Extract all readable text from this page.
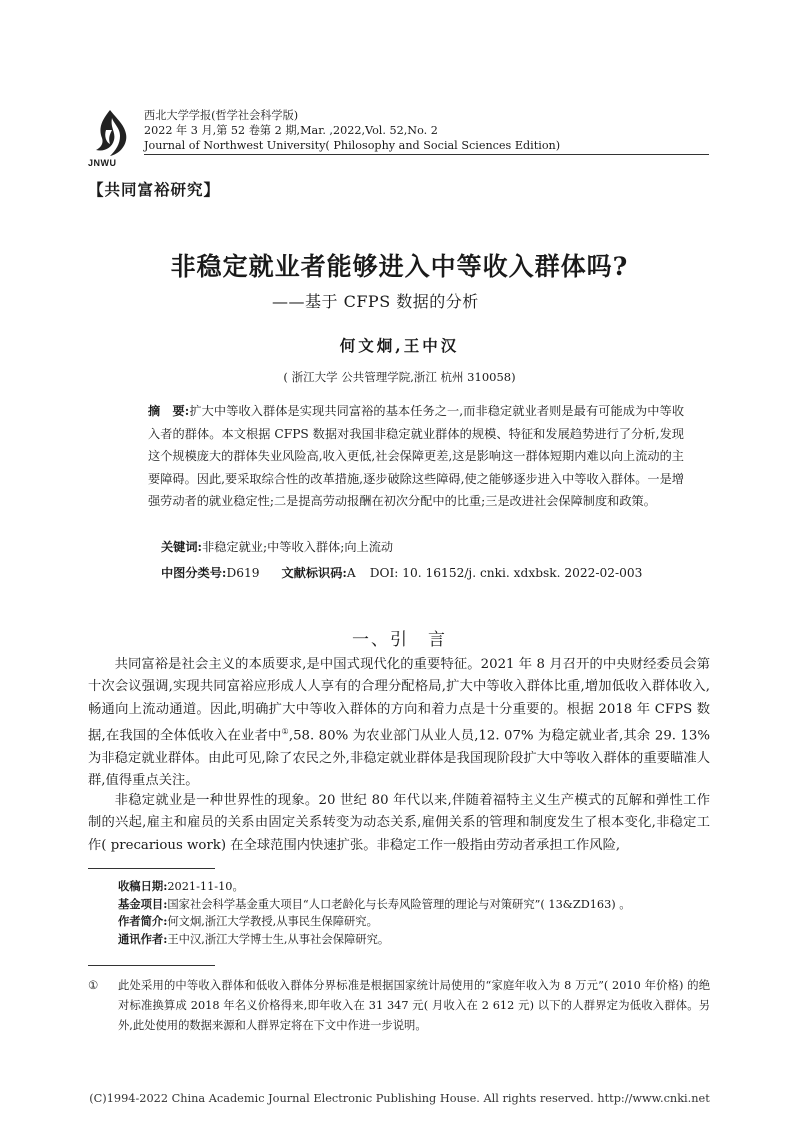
JNWU
西北大学学报(哲学社会科学版)
2022 年 3 月,第 52 卷第 2 期,Mar. ,2022,Vol. 52,No. 2
Journal of Northwest University( Philosophy and Social Sciences Edition)
【共同富裕研究】
非稳定就业者能够进入中等收入群体吗?
——基于 CFPS 数据的分析
何文炯,王中汉
( 浙江大学 公共管理学院,浙江 杭州 310058)
摘　要:扩大中等收入群体是实现共同富裕的基本任务之一,而非稳定就业者则是最有可能成为中等收入者的群体。本文根据 CFPS 数据对我国非稳定就业群体的规模、特征和发展趋势进行了分析,发现这个规模庞大的群体失业风险高,收入更低,社会保障更差,这是影响这一群体短期内难以向上流动的主要障碍。因此,要采取综合性的改革措施,逐步破除这些障碍,使之能够逐步进入中等收入群体。一是增强劳动者的就业稳定性;二是提高劳动报酬在初次分配中的比重;三是改进社会保障制度和政策。
关键词:非稳定就业;中等收入群体;向上流动
中图分类号:D619 文献标识码:A DOI: 10. 16152/j. cnki. xdxbsk. 2022-02-003
一、引　言

共同富裕是社会主义的本质要求,是中国式现代化的重要特征。2021 年 8 月召开的中央财经委员会第十次会议强调,实现共同富裕应形成人人享有的合理分配格局,扩大中等收入群体比重,增加低收入群体收入,畅通向上流动通道。因此,明确扩大中等收入群体的方向和着力点是十分重要的。根据 2018 年 CFPS 数据,在我国的全体低收入在业者中①,58. 80% 为农业部门从业人员,12. 07% 为稳定就业者,其余 29. 13% 为非稳定就业群体。由此可见,除了农民之外,非稳定就业群体是我国现阶段扩大中等收入群体的重要瞄准人群,值得重点关注。

非稳定就业是一种世界性的现象。20 世纪 80 年代以来,伴随着福特主义生产模式的瓦解和弹性工作制的兴起,雇主和雇员的关系由固定关系转变为动态关系,雇佣关系的管理和制度发生了根本变化,非稳定工作( precarious work) 在全球范围内快速扩张。非稳定工作一般指由劳动者承担工作风险,

收稿日期:2021-11-10。
基金项目:国家社会科学基金重大项目“人口老龄化与长寿风险管理的理论与对策研究”( 13&ZD163) 。
作者简介:何文炯,浙江大学教授,从事民生保障研究。
通讯作者:王中汉,浙江大学博士生,从事社会保障研究。
① 此处采用的中等收入群体和低收入群体分界标准是根据国家统计局使用的“家庭年收入为 8 万元”( 2010 年价格) 的绝对标准换算成 2018 年名义价格得来,即年收入在 31 347 元( 月收入在 2 612 元) 以下的人群界定为低收入群体。另外,此处使用的数据来源和人群界定将在下文中作进一步说明。
(C)1994-2022 China Academic Journal Electronic Publishing House. All rights reserved. http://www.cnki.net
